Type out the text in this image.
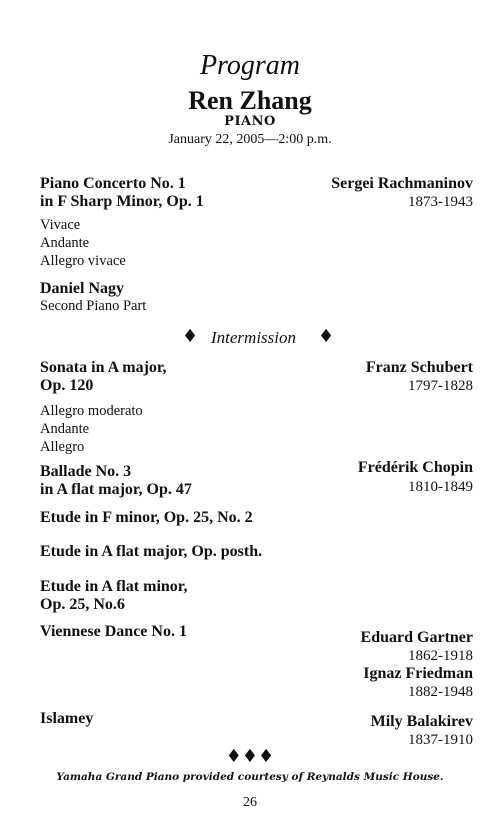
Program
Ren Zhang
PIANO
January 22, 2005—2:00 p.m.
Piano Concerto No. 1
in F Sharp Minor, Op. 1
Sergei Rachmaninov
1873-1943
Vivace
Andante
Allegro vivace
Daniel Nagy
Second Piano Part
♦ Intermission ♦
Sonata in A major,
Op. 120
Franz Schubert
1797-1828
Allegro moderato
Andante
Allegro
Ballade No. 3
in A flat major, Op. 47
Frédérik Chopin
1810-1849
Etude in F minor, Op. 25, No. 2
Etude in A flat major, Op. posth.
Etude in A flat minor,
Op. 25, No.6
Viennese Dance No. 1	Eduard Gartner
1862-1918
Ignaz Friedman
1882-1948
Islamey	Mily Balakirev
1837-1910
♦♦♦
Yamaha Grand Piano provided courtesy of Reynalds Music House.
26
